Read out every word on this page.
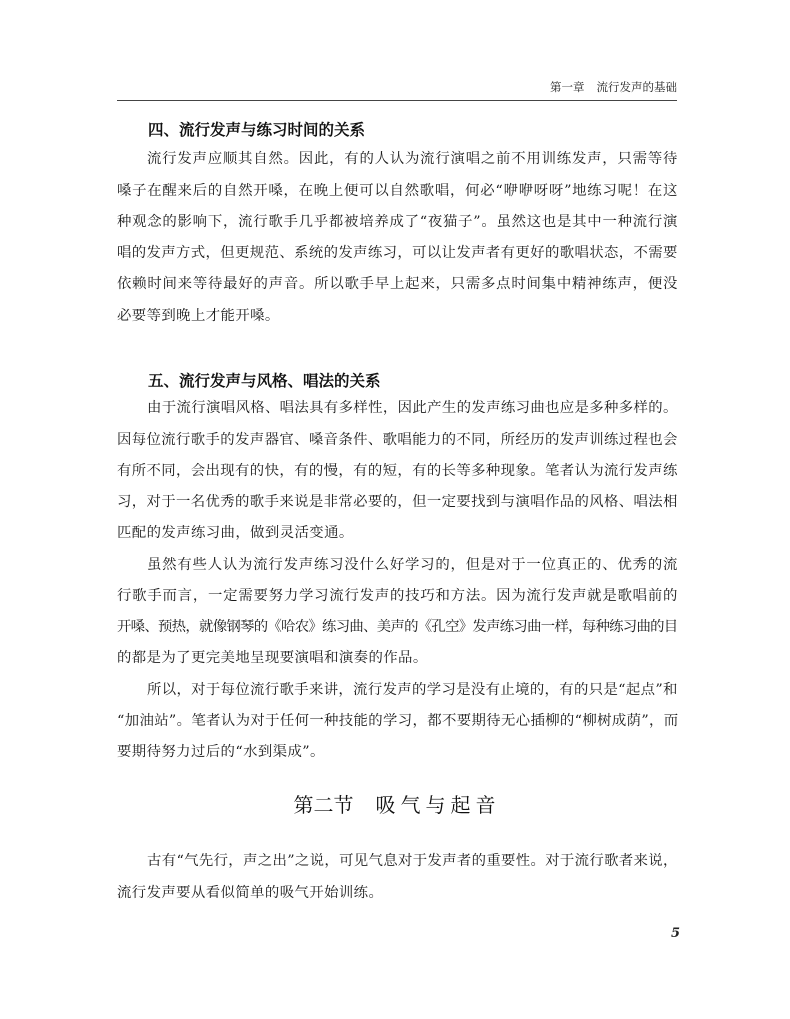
第一章 流行发声的基础
四、流行发声与练习时间的关系
流行发声应顺其自然。因此，有的人认为流行演唱之前不用训练发声，只需等待
嗓子在醒来后的自然开嗓，在晚上便可以自然歌唱，何必“咿咿呀呀”地练习呢！在这
种观念的影响下，流行歌手几乎都被培养成了“夜猫子”。虽然这也是其中一种流行演
唱的发声方式，但更规范、系统的发声练习，可以让发声者有更好的歌唱状态，不需要
依赖时间来等待最好的声音。所以歌手早上起来，只需多点时间集中精神练声，便没
必要等到晚上才能开嗓。
五、流行发声与风格、唱法的关系
由于流行演唱风格、唱法具有多样性，因此产生的发声练习曲也应是多种多样的。
因每位流行歌手的发声器官、嗓音条件、歌唱能力的不同，所经历的发声训练过程也会
有所不同，会出现有的快，有的慢，有的短，有的长等多种现象。笔者认为流行发声练
习，对于一名优秀的歌手来说是非常必要的，但一定要找到与演唱作品的风格、唱法相
匹配的发声练习曲，做到灵活变通。
虽然有些人认为流行发声练习没什么好学习的，但是对于一位真正的、优秀的流
行歌手而言，一定需要努力学习流行发声的技巧和方法。因为流行发声就是歌唱前的
开嗓、预热，就像钢琴的《哈农》练习曲、美声的《孔空》发声练习曲一样，每种练习曲的目
的都是为了更完美地呈现要演唱和演奏的作品。
所以，对于每位流行歌手来讲，流行发声的学习是没有止境的，有的只是“起点”和
“加油站”。笔者认为对于任何一种技能的学习，都不要期待无心插柳的“柳树成荫”，而
要期待努力过后的“水到渠成”。
第二节 吸气与起音
古有“气先行，声之出”之说，可见气息对于发声者的重要性。对于流行歌者来说，
流行发声要从看似简单的吸气开始训练。
5
